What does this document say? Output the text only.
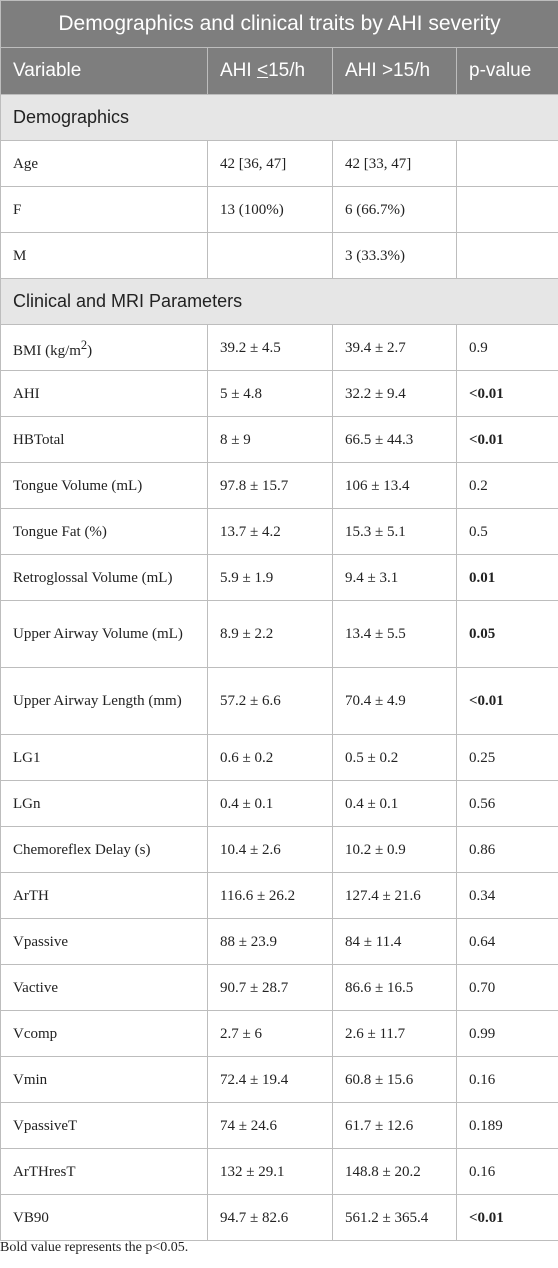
Demographics and clinical traits by AHI severity			
Variable	AHI <15/h	AHI >15/h	p-value
Demographics			
Age	42 [36, 47]	42 [33, 47]	
F	13 (100%)	6 (66.7%)	
M		3 (33.3%)	
Clinical and MRI Parameters			
BMI $(kg/m^2)$	39.2 ± 4.5	39.4 ± 2.7	0.9
AHI	5 ± 4.8	32.2 ± 9.4	<0.01
HBTotal	8 ± 9	66.5 ± 44.3	<0.01
Tongue Volume (mL)	97.8 ± 15.7	106 ± 13.4	0.2
Tongue Fat (%)	13.7 ± 4.2	15.3 ± 5.1	0.5
Retroglossal Volume (mL)	5.9 ± 1.9	9.4 ± 3.1	0.01
Upper Airway Volume (mL)	8.9 ± 2.2	13.4 ± 5.5	0.05
Upper Airway Length (mm)	57.2 ± 6.6	70.4 ± 4.9	<0.01
LG1	0.6 ± 0.2	0.5 ± 0.2	0.25
LGn	0.4 ± 0.1	0.4 ± 0.1	0.56
Chemoreflex Delay (s)	10.4 ± 2.6	10.2 ± 0.9	0.86
ArTH	116.6 ± 26.2	127.4 ± 21.6	0.34
Vpassive	88 ± 23.9	84 ± 11.4	0.64
Vactive	90.7 ± 28.7	86.6 ± 16.5	0.70
Vcomp	2.7 ± 6	2.6 ± 11.7	0.99
Vmin	72.4 ± 19.4	60.8 ± 15.6	0.16
VpassiveT	74 ± 24.6	61.7 ± 12.6	0.189
ArTHresT	132 ± 29.1	148.8 ± 20.2	0.16
VB90	94.7 ± 82.6	561.2 ± 365.4	<0.01
Bold value represents the p<0.05.
